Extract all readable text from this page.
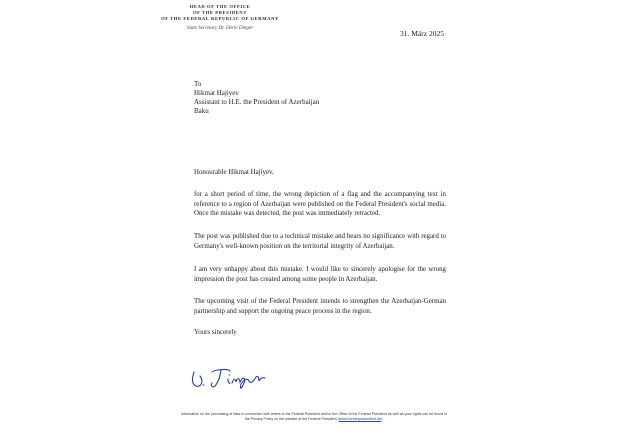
HEAD OF THE OFFICE
OF THE PRESIDENT
OF THE FEDERAL REPUBLIC OF GERMANY
State Secretary Dr. Dörte Dinger
31. März 2025
To
Hikmat Hajiyev
Assistant to H.E. the President of Azerbaijan
Baku

Honourable Hikmat Hajiyev,

for a short period of time, the wrong depiction of a flag and the accompanying text in reference to a region of Azerbaijan were published on the Federal President's social media. Once the mistake was detected, the post was immediately retracted.

The post was published due to a technical mistake and bears no significance with regard to Germany's well-known position on the territorial integrity of Azerbaijan.

I am very unhappy about this mistake. I would like to sincerely apologise for the wrong impression the post has created among some people in Azerbaijan.

The upcoming visit of the Federal President intends to strengthen the Azerbaijan-German partnership and support the ongoing peace process in the region.

Yours sincerely

Information on the processing of data in connection with letters to the Federal President and/or the Office of the Federal President as well as your rights can be found in the Privacy Policy on the website of the Federal President (www.bundespraesident.de).
